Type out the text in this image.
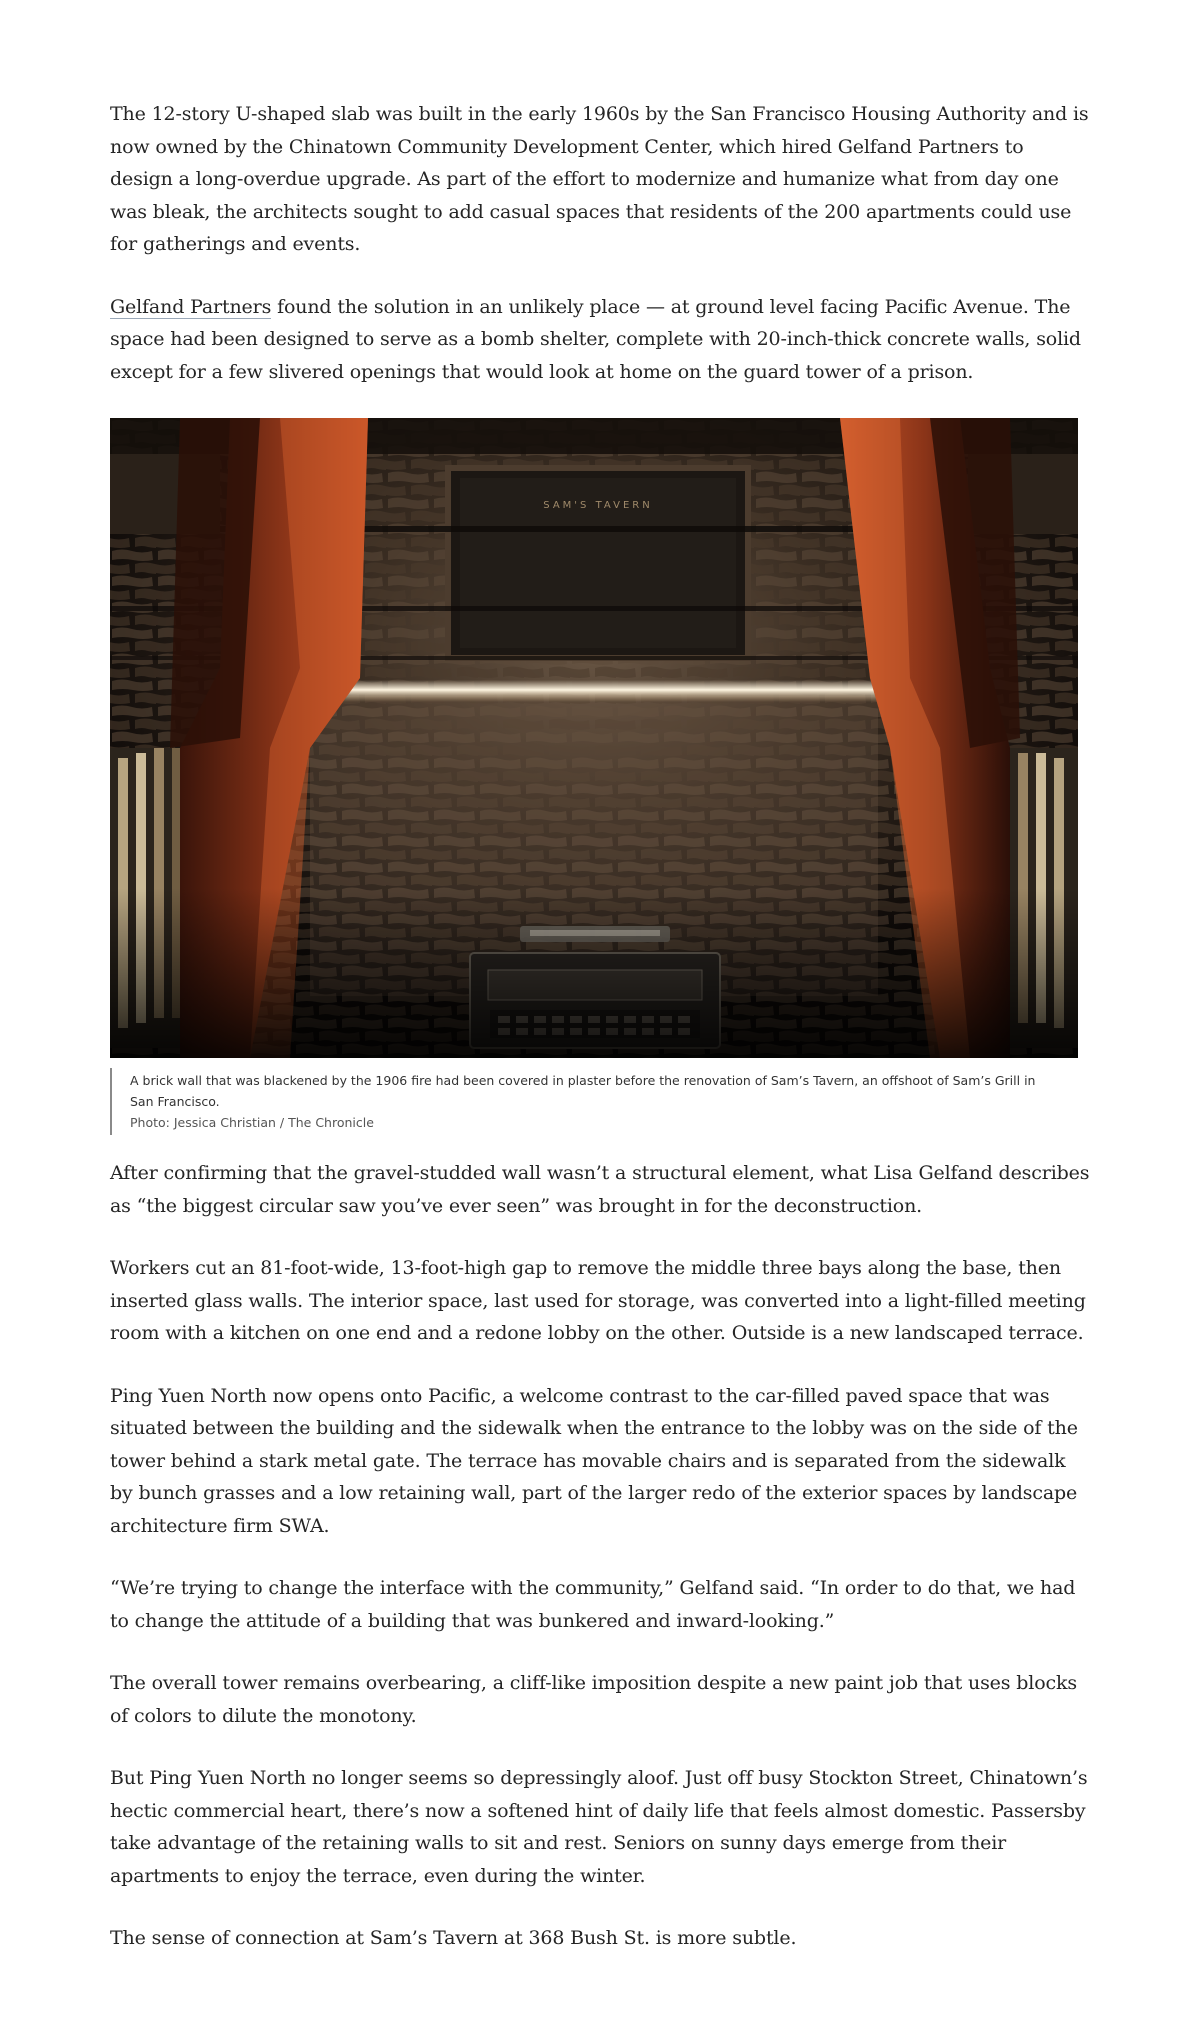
The 12-story U-shaped slab was built in the early 1960s by the San Francisco Housing Authority and is now owned by the Chinatown Community Development Center, which hired Gelfand Partners to design a long-overdue upgrade. As part of the effort to modernize and humanize what from day one was bleak, the architects sought to add casual spaces that residents of the 200 apartments could use for gatherings and events.

Gelfand Partners found the solution in an unlikely place — at ground level facing Pacific Avenue. The space had been designed to serve as a bomb shelter, complete with 20-inch-thick concrete walls, solid except for a few slivered openings that would look at home on the guard tower of a prison.

SAM'S TAVERN
A brick wall that was blackened by the 1906 fire had been covered in plaster before the renovation of Sam’s Tavern, an offshoot of Sam’s Grill in San Francisco.
Photo: Jessica Christian / The Chronicle

After confirming that the gravel-studded wall wasn’t a structural element, what Lisa Gelfand describes as “the biggest circular saw you’ve ever seen” was brought in for the deconstruction.

Workers cut an 81-foot-wide, 13-foot-high gap to remove the middle three bays along the base, then inserted glass walls. The interior space, last used for storage, was converted into a light-filled meeting room with a kitchen on one end and a redone lobby on the other. Outside is a new landscaped terrace.

Ping Yuen North now opens onto Pacific, a welcome contrast to the car-filled paved space that was situated between the building and the sidewalk when the entrance to the lobby was on the side of the tower behind a stark metal gate. The terrace has movable chairs and is separated from the sidewalk by bunch grasses and a low retaining wall, part of the larger redo of the exterior spaces by landscape architecture firm SWA.

“We’re trying to change the interface with the community,” Gelfand said. “In order to do that, we had to change the attitude of a building that was bunkered and inward-looking.”

The overall tower remains overbearing, a cliff-like imposition despite a new paint job that uses blocks of colors to dilute the monotony.

But Ping Yuen North no longer seems so depressingly aloof. Just off busy Stockton Street, Chinatown’s hectic commercial heart, there’s now a softened hint of daily life that feels almost domestic. Passersby take advantage of the retaining walls to sit and rest. Seniors on sunny days emerge from their apartments to enjoy the terrace, even during the winter.

The sense of connection at Sam’s Tavern at 368 Bush St. is more subtle.
